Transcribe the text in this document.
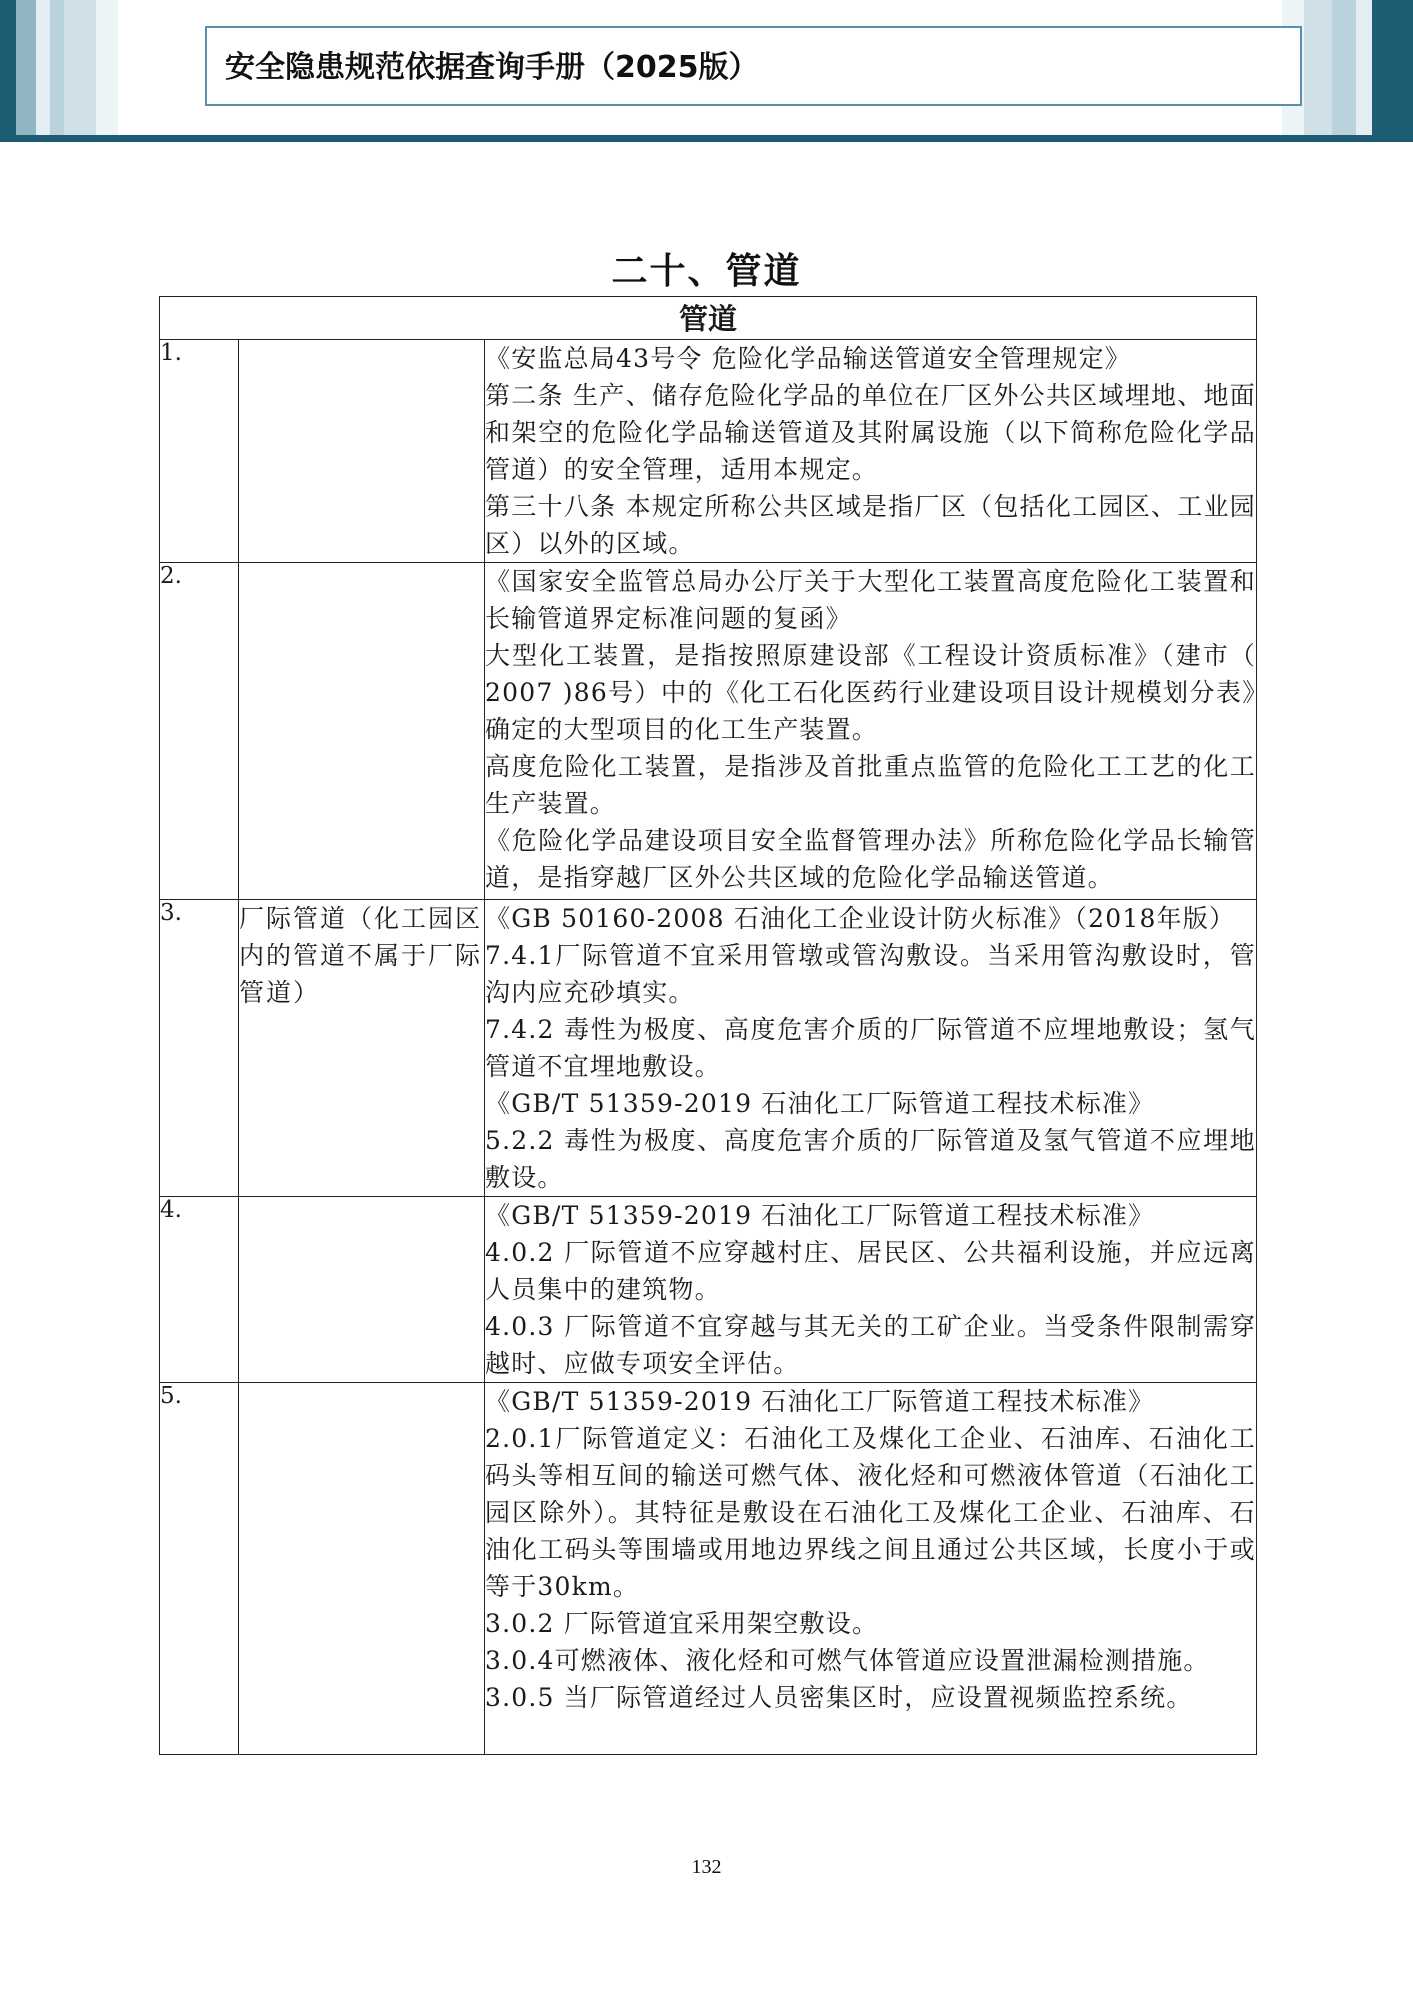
安全隐患规范依据查询手册（2025版）
二十、管道
管道		
1.		《安监总局43号令 危险化学品输送管道安全管理规定》
第二条 生产、储存危险化学品的单位在厂区外公共区域埋地、地面和架空的危险化学品输送管道及其附属设施（以下简称危险化学品管道）的安全管理，适用本规定。
第三十八条 本规定所称公共区域是指厂区（包括化工园区、工业园区）以外的区域。

2.		《国家安全监管总局办公厅关于大型化工装置高度危险化工装置和长输管道界定标准问题的复函》
大型化工装置，是指按照原建设部《工程设计资质标准》（建市（ 2007 )86号）中的《化工石化医药行业建设项目设计规模划分表》确定的大型项目的化工生产装置。
高度危险化工装置，是指涉及首批重点监管的危险化工工艺的化工生产装置。
《危险化学品建设项目安全监督管理办法》所称危险化学品长输管道，是指穿越厂区外公共区域的危险化学品输送管道。

3.	厂际管道（化工园区内的管道不属于厂际管道）	《GB 50160-2008 石油化工企业设计防火标准》（2018年版）
7.4.1厂际管道不宜采用管墩或管沟敷设。当采用管沟敷设时，管沟内应充砂填实。
7.4.2 毒性为极度、高度危害介质的厂际管道不应埋地敷设；氢气管道不宜埋地敷设。
《GB/T 51359-2019 石油化工厂际管道工程技术标准》
5.2.2 毒性为极度、高度危害介质的厂际管道及氢气管道不应埋地敷设。

4.		《GB/T 51359-2019 石油化工厂际管道工程技术标准》
4.0.2 厂际管道不应穿越村庄、居民区、公共福利设施，并应远离人员集中的建筑物。
4.0.3 厂际管道不宜穿越与其无关的工矿企业。当受条件限制需穿越时、应做专项安全评估。

5.		《GB/T 51359-2019 石油化工厂际管道工程技术标准》
2.0.1厂际管道定义：石油化工及煤化工企业、石油库、石油化工码头等相互间的输送可燃气体、液化烃和可燃液体管道（石油化工园区除外）。其特征是敷设在石油化工及煤化工企业、石油库、石油化工码头等围墙或用地边界线之间且通过公共区域，长度小于或等于30km。
3.0.2 厂际管道宜采用架空敷设。
3.0.4可燃液体、液化烃和可燃气体管道应设置泄漏检测措施。
3.0.5 当厂际管道经过人员密集区时，应设置视频监控系统。
132
